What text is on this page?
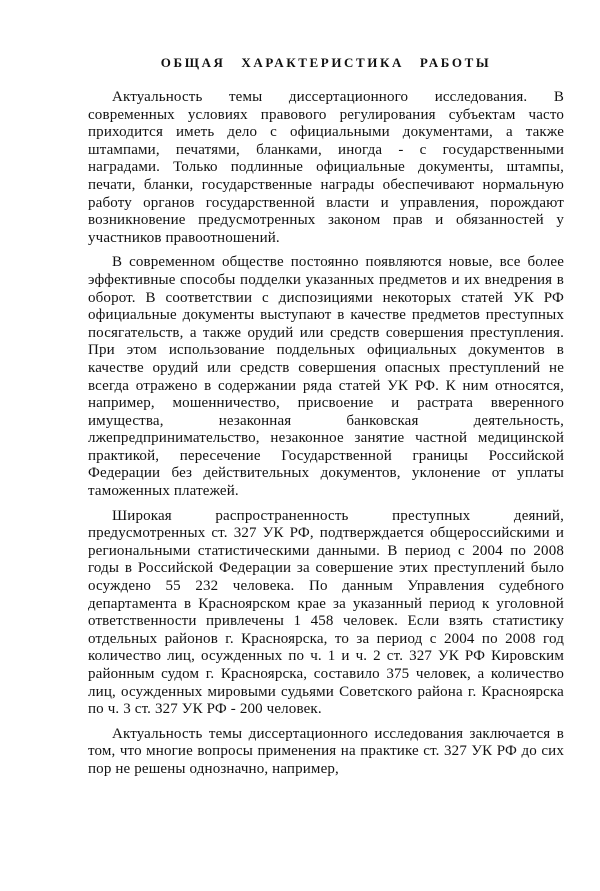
ОБЩАЯ ХАРАКТЕРИСТИКА РАБОТЫ

Актуальность темы диссертационного исследования. В современных условиях правового регулирования субъектам часто приходится иметь дело с официальными документами, а также штампами, печатями, бланками, иногда - с государственными наградами. Только подлинные официальные документы, штампы, печати, бланки, государственные награды обеспечивают нормальную работу органов государственной власти и управления, порождают возникновение предусмотренных законом прав и обязанностей у участников правоотношений.

В современном обществе постоянно появляются новые, все более эффективные способы подделки указанных предметов и их внедрения в оборот. В соответствии с диспозициями некоторых статей УК РФ официальные документы выступают в качестве предметов преступных посягательств, а также орудий или средств совершения преступления. При этом использование поддельных официальных документов в качестве орудий или средств совершения опасных преступлений не всегда отражено в содержании ряда статей УК РФ. К ним относятся, например, мошенничество, присвоение и растрата вверенного имущества, незаконная банковская деятельность, лжепредпринимательство, незаконное занятие частной медицинской практикой, пересечение Государственной границы Российской Федерации без действительных документов, уклонение от уплаты таможенных платежей.

Широкая распространенность преступных деяний, предусмотренных ст. 327 УК РФ, подтверждается общероссийскими и региональными статистическими данными. В период с 2004 по 2008 годы в Российской Федерации за совершение этих преступлений было осуждено 55 232 человека. По данным Управления судебного департамента в Красноярском крае за указанный период к уголовной ответственности привлечены 1 458 человек. Если взять статистику отдельных районов г. Красноярска, то за период с 2004 по 2008 год количество лиц, осужденных по ч. 1 и ч. 2 ст. 327 УК РФ Кировским районным судом г. Красноярска, составило 375 человек, а количество лиц, осужденных мировыми судьями Советского района г. Красноярска по ч. 3 ст. 327 УК РФ - 200 человек.

Актуальность темы диссертационного исследования заключается в том, что многие вопросы применения на практике ст. 327 УК РФ до сих пор не решены однозначно, например,
